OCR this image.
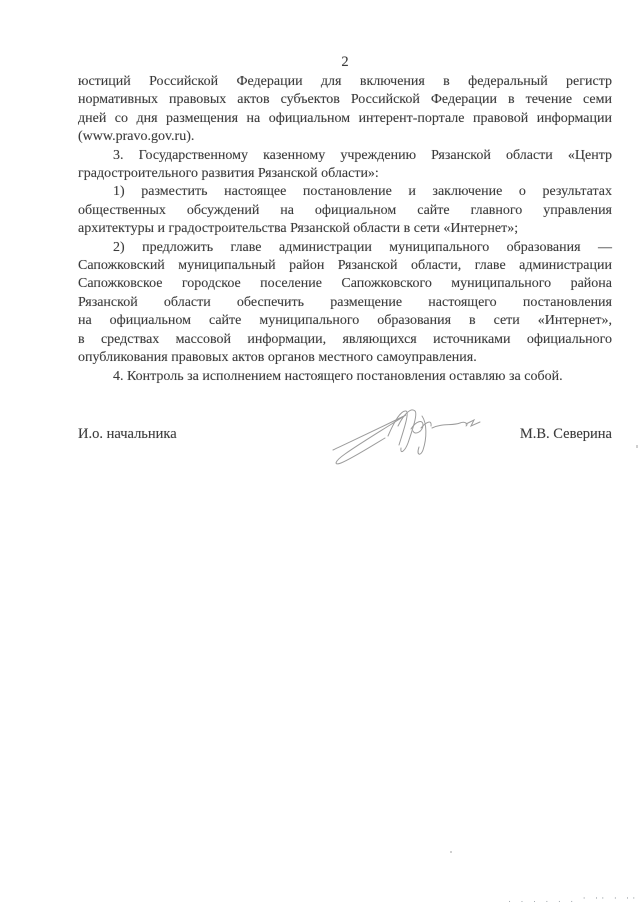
2
юстиций Российской Федерации для включения в федеральный регистр
нормативных правовых актов субъектов Российской Федерации в течение семи
дней со дня размещения на официальном интерент-портале правовой информации
(www.pravo.gov.ru).
3. Государственному казенному учреждению Рязанской области «Центр
градостроительного развития Рязанской области»:
1) разместить настоящее постановление и заключение о результатах
общественных обсуждений на официальном сайте главного управления
архитектуры и градостроительства Рязанской области в сети «Интернет»;
2) предложить главе администрации муниципального образования —
Сапожковский муниципальный район Рязанской области, главе администрации
Сапожковское городское поселение Сапожковского муниципального района
Рязанской области обеспечить размещение настоящего постановления
на официальном сайте муниципального образования в сети «Интернет»,
в средствах массовой информации, являющихся источниками официального
опубликования правовых актов органов местного самоуправления.
4. Контроль за исполнением настоящего постановления оставляю за собой.
И.о. начальника	М.В. Северина
. . . . . . ' '' ' ''
